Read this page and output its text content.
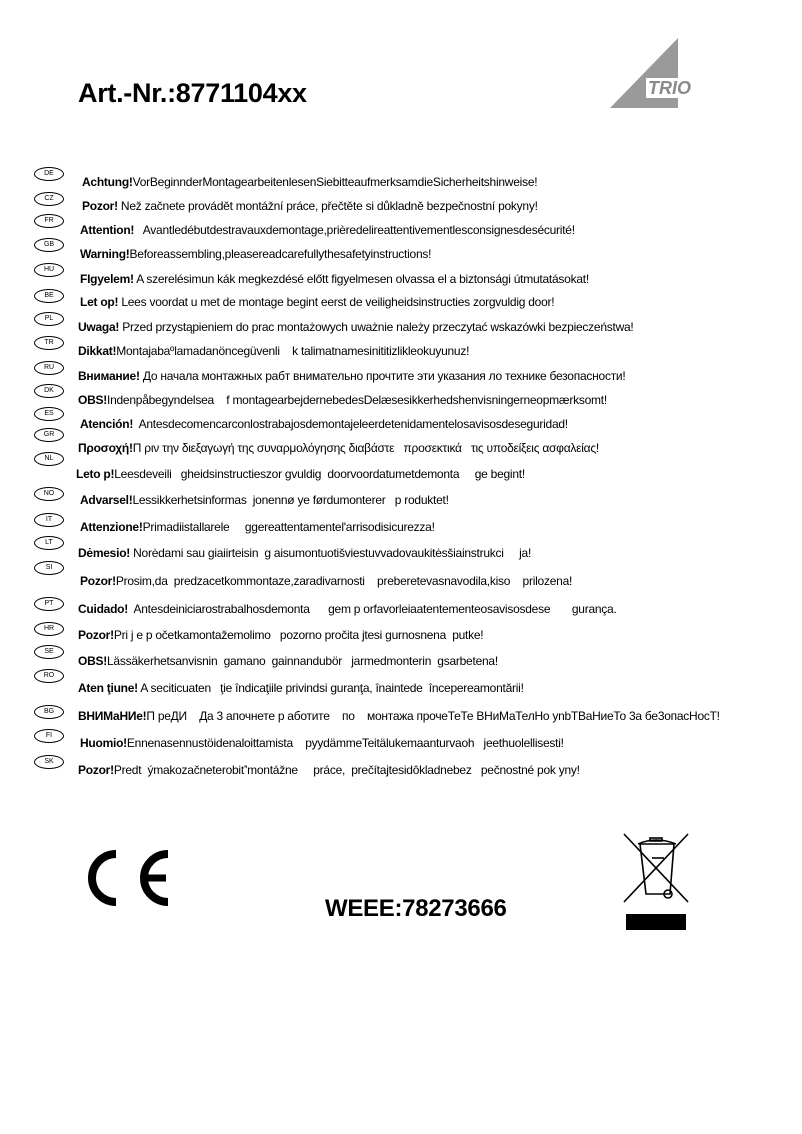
Art.-Nr.:8771104xx	TRIO
DE
Achtung!VorBeginnderMontagearbeitenlesenSiebitteaufmerksamdieSicherheitshinweise!
CZ
Pozor! Než začnete provádět montážní práce, přečtěte si důkladně bezpečnostní pokyny!
FR
Attention!   Avantledébutdestravauxdemontage,prièredelireattentivementlesconsignesdesécurité!
GB
Warning!Beforeassembling,pleasereadcarefullythesafetyinstructions!
HU
FIgyelem! A szerelésimun kák megkezdésé előtt figyelmesen olvassa el a biztonsági útmutatásokat!
BE	Let op! Lees voordat u met de montage begint eerst de veiligheidsinstructies zorgvuldig door!
PL
Uwaga! Przed przystąpieniem do prac montażowych uważnie należy przeczytać wskazówki bezpieczeństwa!
TR
Dikkat!Montajabaºlamadanöncegüvenli    k talimatnamesinititizlikleokuyunuz!
RU
Внимание! До начала монтажных рабт внимательно прочтите эти указания ло технике безопасности!
DK
OBS!Indenpåbegyndelsea    f montagearbejdernebedesDelæsesikkerhedshenvisningerneopmærksomt!
ES
Atención!  Antesdecomencarconlostrabajosdemontajeleerdetenidamentelosavisosdeseguridad!
GR
Προσοχή!Π ριν την διεξαγωγή της συναρμολόγησης διαβάστε   προσεκτικά   τις υποδείξεις ασφαλείας!
NL
Leto p!Leesdeveili   gheidsinstructieszor gvuldig  doorvoordatumetdemonta     ge begint!
NO	Advarsel!Lessikkerhetsinformas  jonennø ye førdumonterer   p roduktet!
IT
Attenzione!Primadiistallarele     ggereattentamentel'arrisodisicurezza!
LT
Dėmesio! Norėdami sau giaiirteisin  g aisumontuotišviestuvvadovaukitėsšiainstrukci     ja!
SI
Pozor!Prosim,da  predzacetkommontaze,zaradivarnosti    preberetevasnavodila,kiso    prilozena!
PT	Cuidado!  Antesdeiniciarostrabalhosdemonta      gem p orfavorleiaatentementeosavisosdese       gurança.
HR	Pozor!Pri j e p očetkamontažemolimo   pozorno pročita jtesi gurnosnena  putke!
SE
OBS!Lässäkerhetsanvisnin  gamano  gainnandubör   jarmedmonterin  gsarbetena!
RO
Aten ţiune! A seciticuaten   ţie îndicaţiile privindsi guranţa, înaintede  începereamontării!
BG	ВНИМаНИе!П реДИ    Да 3 апочнете р аботите    по    монтажа прочеТеТе ВНиМаТелНо уnbТВаНиеТо 3а бе3опасНосТ!
FI
Huomio!Ennenasennustöidenaloittamista    pyydämmeTeitälukemaanturvaoh   jeethuolellisesti!
SK
Pozor!Predt  ýmakozačneterobiť'montážne     práce,  prečítajtesidôkladnebez   pečnostné pok yny!
WEEE:78273666
